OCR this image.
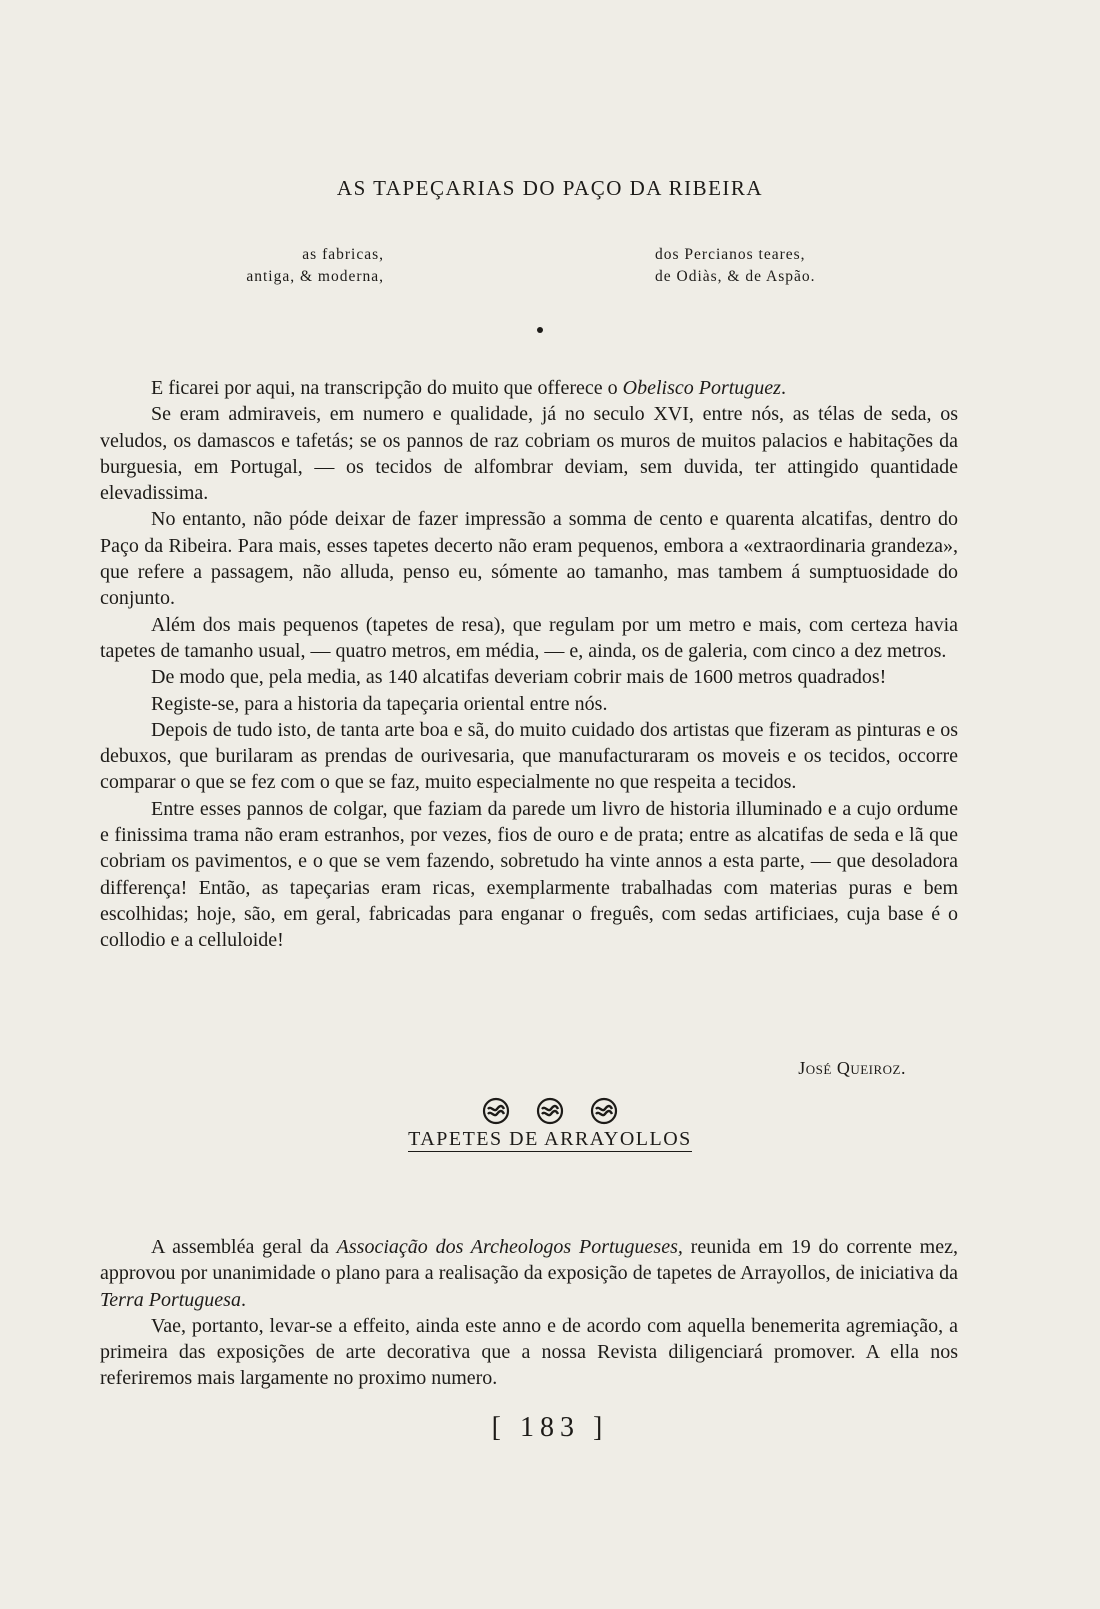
AS TAPEÇARIAS DO PAÇO DA RIBEIRA
as fabricas,
antiga, & moderna,
dos Percianos teares,
de Odiàs, & de Aspão.

E ficarei por aqui, na transcripção do muito que offerece o Obelisco Portuguez.

Se eram admiraveis, em numero e qualidade, já no seculo XVI, entre nós, as télas de seda, os veludos, os damascos e tafetás; se os pannos de raz cobriam os muros de muitos palacios e habitações da burguesia, em Portugal, — os tecidos de alfombrar deviam, sem duvida, ter attingido quantidade elevadissima.

No entanto, não póde deixar de fazer impressão a somma de cento e quarenta alcatifas, dentro do Paço da Ribeira. Para mais, esses tapetes decerto não eram pequenos, embora a «extraordinaria grandeza», que refere a passagem, não alluda, penso eu, sómente ao tamanho, mas tambem á sumptuosidade do conjunto.

Além dos mais pequenos (tapetes de resa), que regulam por um metro e mais, com certeza havia tapetes de tamanho usual, — quatro metros, em média, — e, ainda, os de galeria, com cinco a dez metros.

De modo que, pela media, as 140 alcatifas deveriam cobrir mais de 1600 metros quadrados!

Registe-se, para a historia da tapeçaria oriental entre nós.

Depois de tudo isto, de tanta arte boa e sã, do muito cuidado dos artistas que fizeram as pinturas e os debuxos, que burilaram as prendas de ourivesaria, que manufacturaram os moveis e os tecidos, occorre comparar o que se fez com o que se faz, muito especialmente no que respeita a tecidos.

Entre esses pannos de colgar, que faziam da parede um livro de historia illuminado e a cujo ordume e finissima trama não eram estranhos, por vezes, fios de ouro e de prata; entre as alcatifas de seda e lã que cobriam os pavimentos, e o que se vem fazendo, sobretudo ha vinte annos a esta parte, — que desoladora differença! Então, as tapeçarias eram ricas, exemplarmente trabalhadas com materias puras e bem escolhidas; hoje, são, em geral, fabricadas para enganar o freguês, com sedas artificiaes, cuja base é o collodio e a celluloide!

José Queiroz.
TAPETES DE ARRAYOLLOS

A assembléa geral da Associação dos Archeologos Portugueses, reunida em 19 do corrente mez, approvou por unanimidade o plano para a realisação da exposição de tapetes de Arrayollos, de iniciativa da Terra Portuguesa.

Vae, portanto, levar-se a effeito, ainda este anno e de acordo com aquella benemerita agremiação, a primeira das exposições de arte decorativa que a nossa Revista diligenciará promover. A ella nos referiremos mais largamente no proximo numero.

[ 183 ]
